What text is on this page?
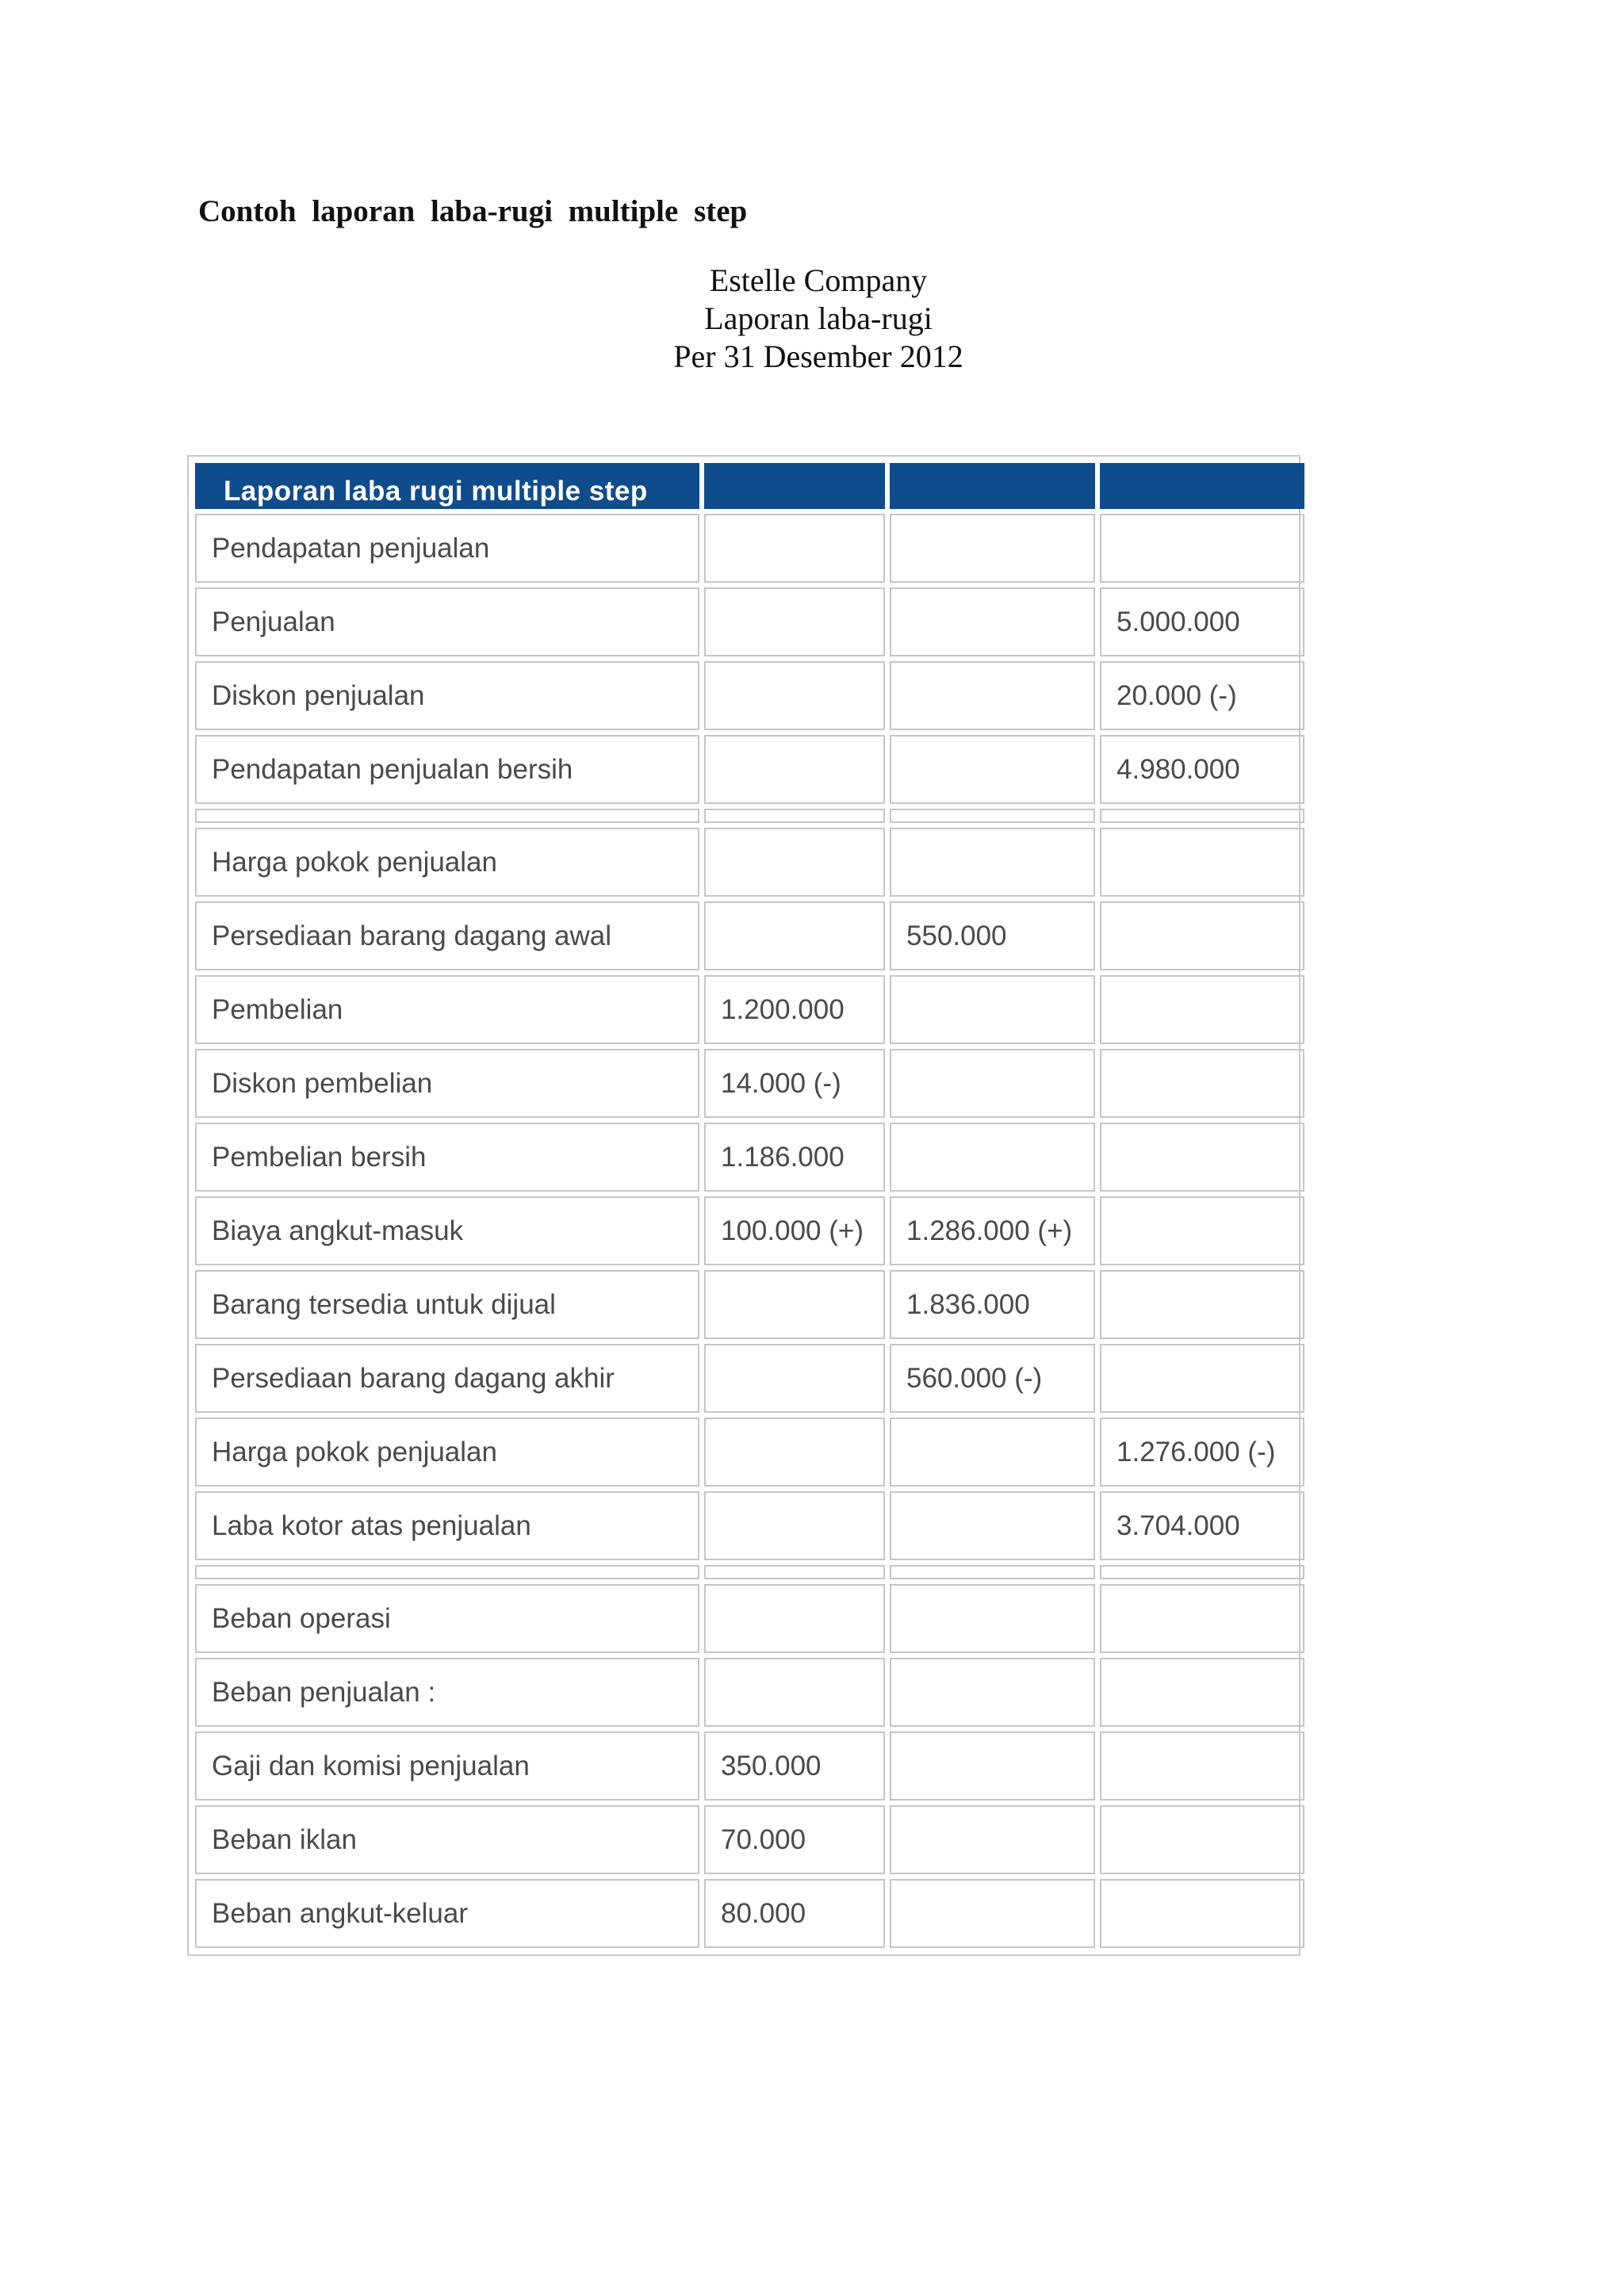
Contoh laporan laba-rugi multiple step
Estelle Company
Laporan laba-rugi
Per 31 Desember 2012
Laporan laba rugi multiple step			
Pendapatan penjualan			
Penjualan			5.000.000
Diskon penjualan			20.000 (-)
Pendapatan penjualan bersih			4.980.000

Harga pokok penjualan			
Persediaan barang dagang awal		550.000	
Pembelian	1.200.000		
Diskon pembelian	14.000 (-)		
Pembelian bersih	1.186.000		
Biaya angkut-masuk	100.000 (+)	1.286.000 (+)	
Barang tersedia untuk dijual		1.836.000	
Persediaan barang dagang akhir		560.000 (-)	
Harga pokok penjualan			1.276.000 (-)
Laba kotor atas penjualan			3.704.000

Beban operasi			
Beban penjualan :			
Gaji dan komisi penjualan	350.000		
Beban iklan	70.000		
Beban angkut-keluar	80.000		
